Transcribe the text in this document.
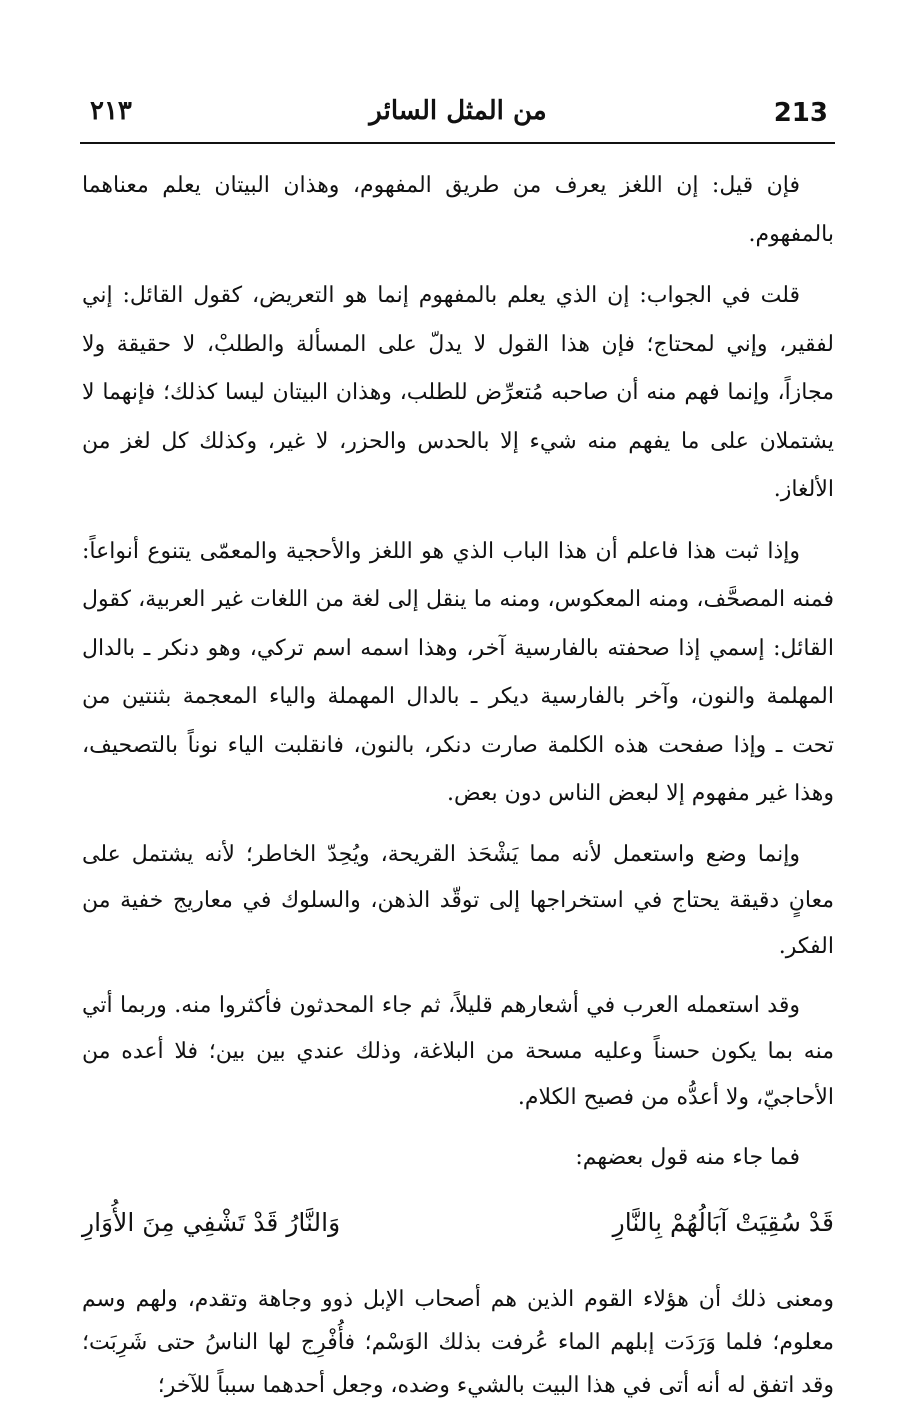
213
من المثل السائر
٢١٣

فإن قيل: إن اللغز يعرف من طريق المفهوم، وهذان البيتان يعلم معناهما بالمفهوم.

قلت في الجواب: إن الذي يعلم بالمفهوم إنما هو التعريض، كقول القائل: إني لفقير، وإني لمحتاج؛ فإن هذا القول لا يدلّ على المسألة والطلبْ، لا حقيقة ولا مجازاً، وإنما فهم منه أن صاحبه مُتعرِّض للطلب، وهذان البيتان ليسا كذلك؛ فإنهما لا يشتملان على ما يفهم منه شيء إلا بالحدس والحزر، لا غير، وكذلك كل لغز من الألغاز.

وإذا ثبت هذا فاعلم أن هذا الباب الذي هو اللغز والأحجية والمعمّى يتنوع أنواعاً: فمنه المصحَّف، ومنه المعكوس، ومنه ما ينقل إلى لغة من اللغات غير العربية، كقول القائل: إسمي إذا صحفته بالفارسية آخر، وهذا اسمه اسم تركي، وهو دنكر ـ بالدال المهلمة والنون، وآخر بالفارسية ديكر ـ بالدال المهملة والياء المعجمة بثنتين من تحت ـ وإذا صفحت هذه الكلمة صارت دنكر، بالنون، فانقلبت الياء نوناً بالتصحيف، وهذا غير مفهوم إلا لبعض الناس دون بعض.

وإنما وضع واستعمل لأنه مما يَشْحَذ القريحة، ويُحِدّ الخاطر؛ لأنه يشتمل على معانٍ دقيقة يحتاج في استخراجها إلى توقّد الذهن، والسلوك في معاريج خفية من الفكر.

وقد استعمله العرب في أشعارهم قليلاً، ثم جاء المحدثون فأكثروا منه. وربما أتي منه بما يكون حسناً وعليه مسحة من البلاغة، وذلك عندي بين بين؛ فلا أعده من الأحاجيّ، ولا أعدُّه من فصيح الكلام.

فما جاء منه قول بعضهم:

قَدْ سُقِيَتْ آبَالُهُمْ بِالنَّارِ
وَالنَّارُ قَدْ تَشْفِي مِنَ الأُوَارِ

ومعنى ذلك أن هؤلاء القوم الذين هم أصحاب الإبل ذوو وجاهة وتقدم، ولهم وسم معلوم؛ فلما وَرَدَت إبلهم الماء عُرفت بذلك الوَسْم؛ فأُفْرِج لها الناسُ حتى شَرِبَت؛ وقد اتفق له أنه أتى في هذا البيت بالشيء وضده، وجعل أحدهما سبباً للآخر؛
